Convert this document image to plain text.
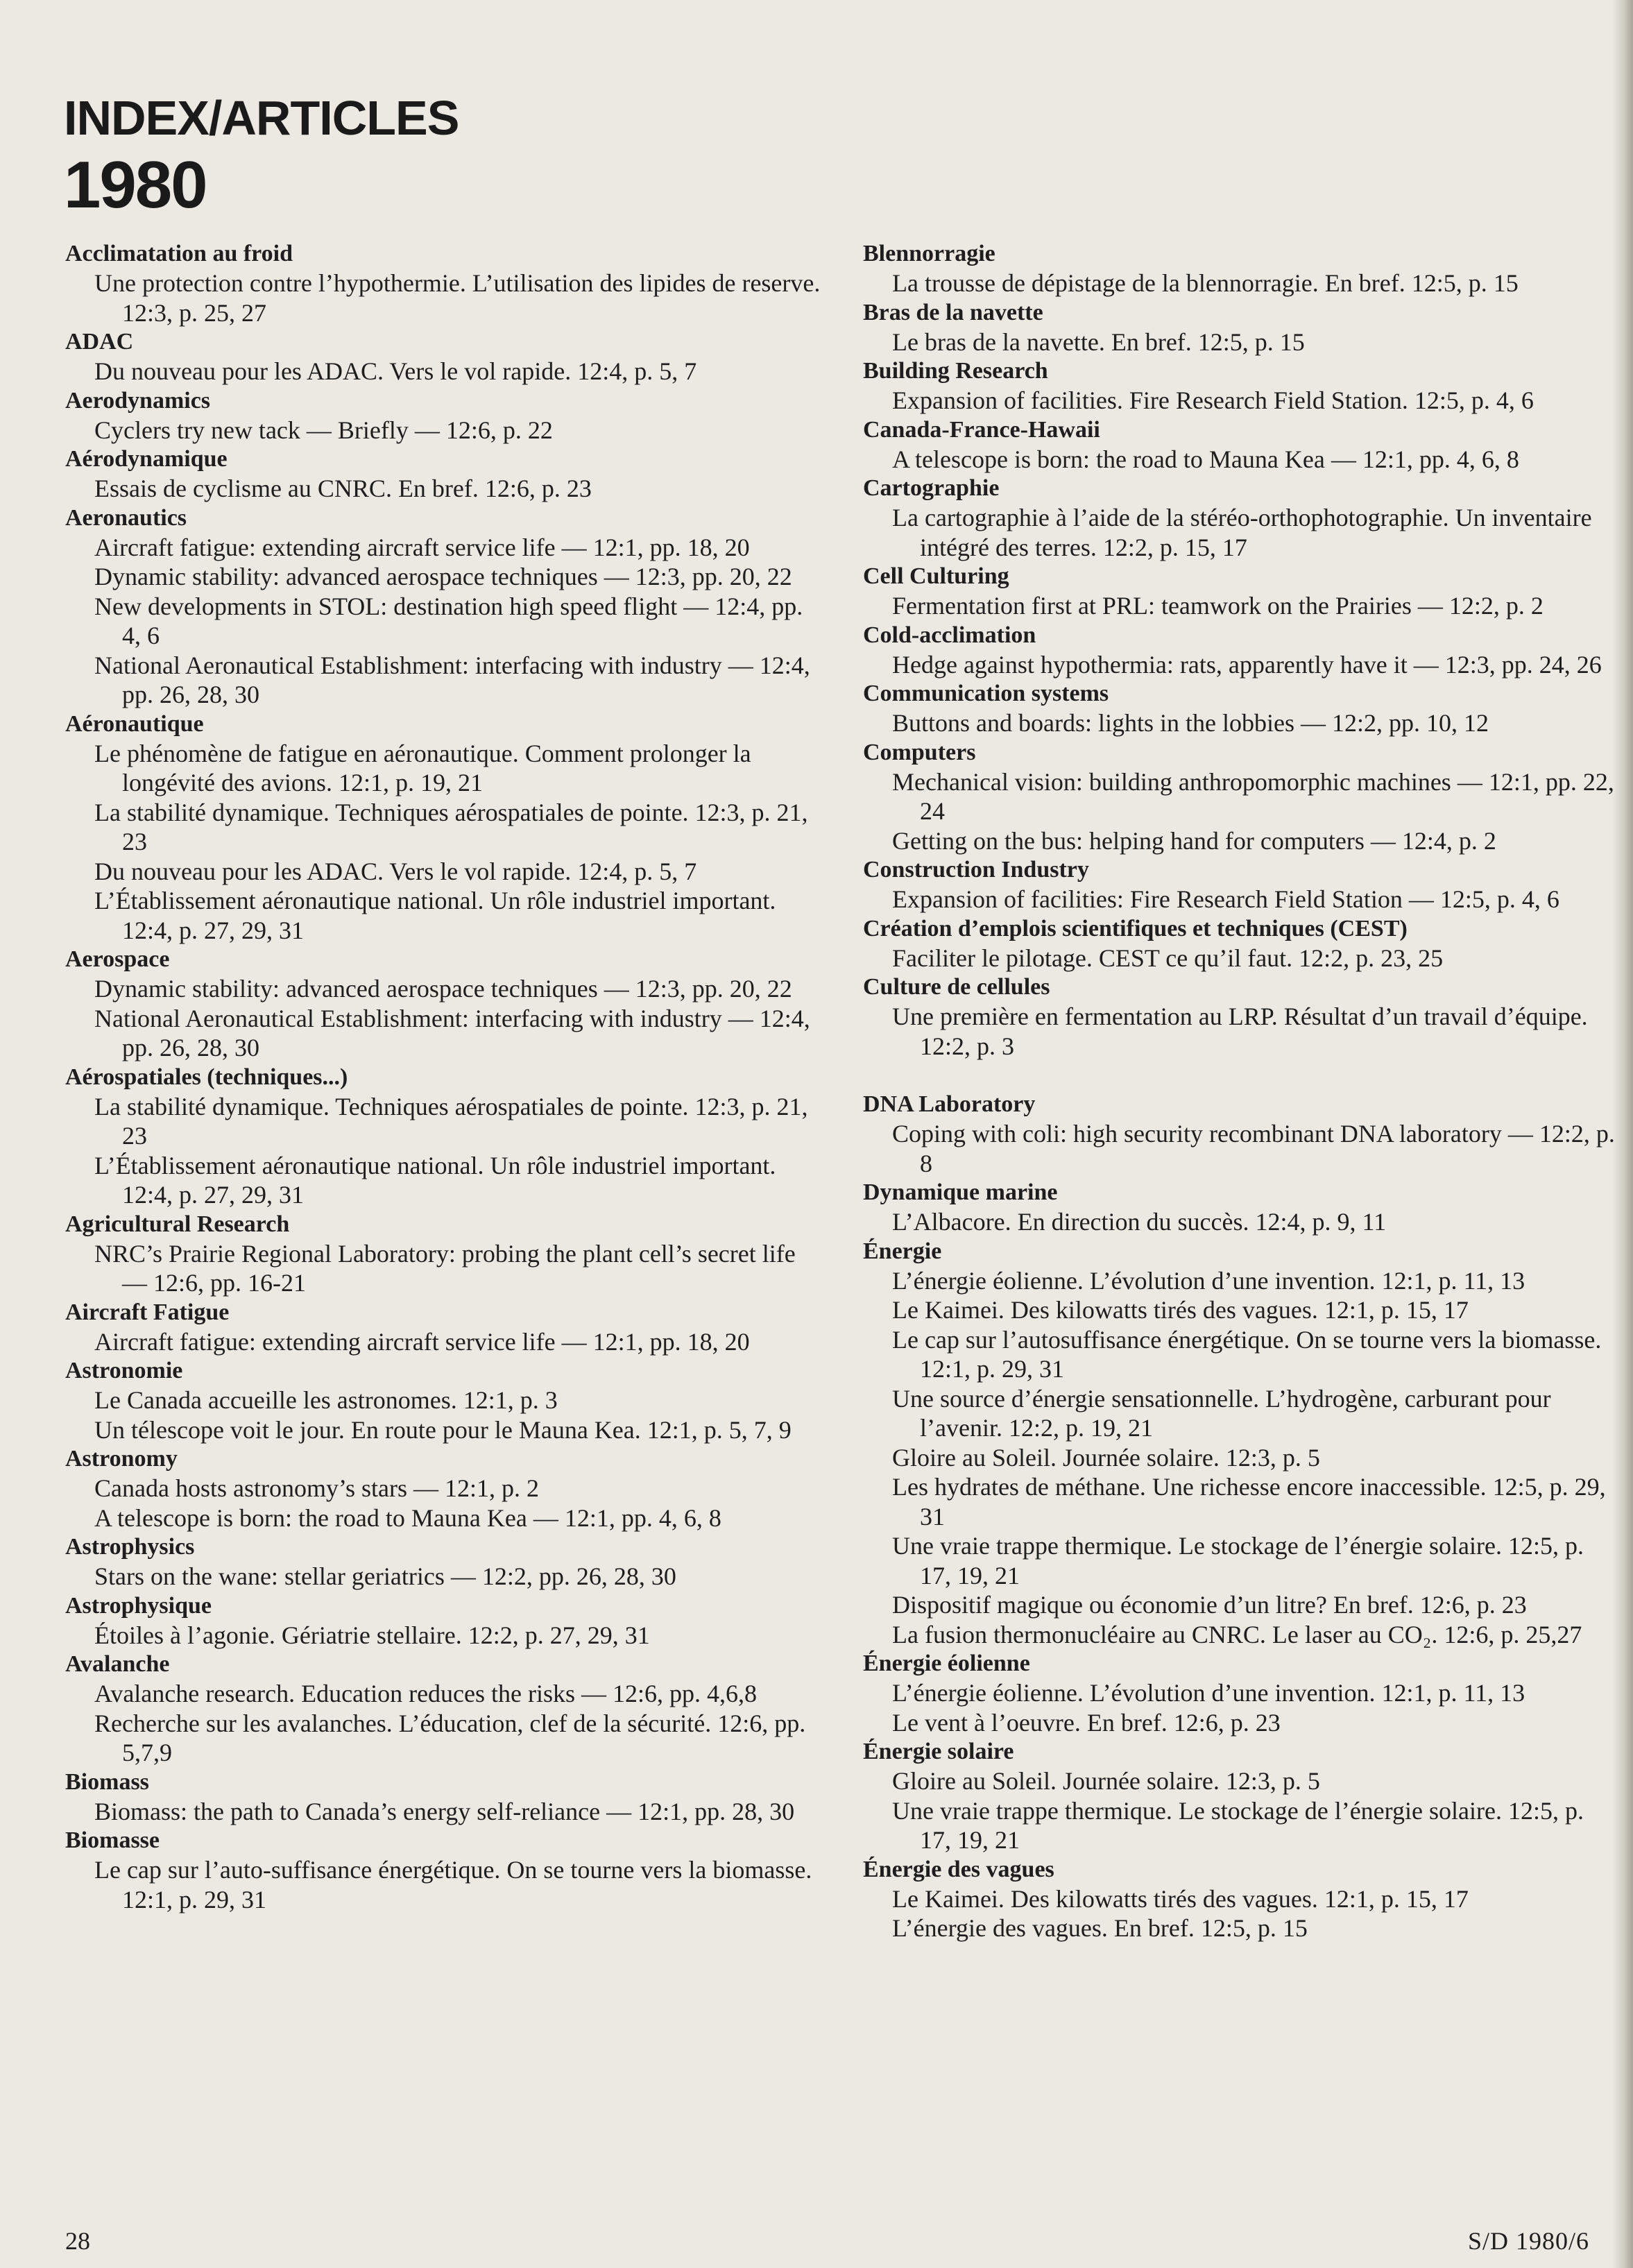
INDEX/ARTICLES
1980
Acclimatation au froid
Une protection contre l’hypothermie. L’utilisation des lipides de reserve. 12:3, p. 25, 27
ADAC
Du nouveau pour les ADAC. Vers le vol rapide. 12:4, p. 5, 7
Aerodynamics
Cyclers try new tack — Briefly — 12:6, p. 22
Aérodynamique
Essais de cyclisme au CNRC. En bref. 12:6, p. 23
Aeronautics
Aircraft fatigue: extending aircraft service life — 12:1, pp. 18, 20
Dynamic stability: advanced aerospace techniques — 12:3, pp. 20, 22
New developments in STOL: destination high speed flight — 12:4, pp. 4, 6
National Aeronautical Establishment: interfacing with industry — 12:4, pp. 26, 28, 30
Aéronautique
Le phénomène de fatigue en aéronautique. Comment prolonger la longévité des avions. 12:1, p. 19, 21
La stabilité dynamique. Techniques aérospatiales de pointe. 12:3, p. 21, 23
Du nouveau pour les ADAC. Vers le vol rapide. 12:4, p. 5, 7
L’Établissement aéronautique national. Un rôle industriel important. 12:4, p. 27, 29, 31
Aerospace
Dynamic stability: advanced aerospace techniques — 12:3, pp. 20, 22
National Aeronautical Establishment: interfacing with industry — 12:4, pp. 26, 28, 30
Aérospatiales (techniques...)
La stabilité dynamique. Techniques aérospatiales de pointe. 12:3, p. 21, 23
L’Établissement aéronautique national. Un rôle industriel important. 12:4, p. 27, 29, 31
Agricultural Research
NRC’s Prairie Regional Laboratory: probing the plant cell’s secret life — 12:6, pp. 16-21
Aircraft Fatigue
Aircraft fatigue: extending aircraft service life — 12:1, pp. 18, 20
Astronomie
Le Canada accueille les astronomes. 12:1, p. 3
Un télescope voit le jour. En route pour le Mauna Kea. 12:1, p. 5, 7, 9
Astronomy
Canada hosts astronomy’s stars — 12:1, p. 2
A telescope is born: the road to Mauna Kea — 12:1, pp. 4, 6, 8
Astrophysics
Stars on the wane: stellar geriatrics — 12:2, pp. 26, 28, 30
Astrophysique
Étoiles à l’agonie. Gériatrie stellaire. 12:2, p. 27, 29, 31
Avalanche
Avalanche research. Education reduces the risks — 12:6, pp. 4,6,8
Recherche sur les avalanches. L’éducation, clef de la sécurité. 12:6, pp. 5,7,9
Biomass
Biomass: the path to Canada’s energy self-reliance — 12:1, pp. 28, 30
Biomasse
Le cap sur l’auto-suffisance énergétique. On se tourne vers la biomasse. 12:1, p. 29, 31
Blennorragie
La trousse de dépistage de la blennorragie. En bref. 12:5, p. 15
Bras de la navette
Le bras de la navette. En bref. 12:5, p. 15
Building Research
Expansion of facilities. Fire Research Field Station. 12:5, p. 4, 6
Canada-France-Hawaii
A telescope is born: the road to Mauna Kea — 12:1, pp. 4, 6, 8
Cartographie
La cartographie à l’aide de la stéréo-orthophotographie. Un inventaire intégré des terres. 12:2, p. 15, 17
Cell Culturing
Fermentation first at PRL: teamwork on the Prairies — 12:2, p. 2
Cold-acclimation
Hedge against hypothermia: rats, apparently have it — 12:3, pp. 24, 26
Communication systems
Buttons and boards: lights in the lobbies — 12:2, pp. 10, 12
Computers
Mechanical vision: building anthropomorphic machines — 12:1, pp. 22, 24
Getting on the bus: helping hand for computers — 12:4, p. 2
Construction Industry
Expansion of facilities: Fire Research Field Station — 12:5, p. 4, 6
Création d’emplois scientifiques et techniques (CEST)
Faciliter le pilotage. CEST ce qu’il faut. 12:2, p. 23, 25
Culture de cellules
Une première en fermentation au LRP. Résultat d’un travail d’équipe. 12:2, p. 3
DNA Laboratory
Coping with coli: high security recombinant DNA laboratory — 12:2, p. 8
Dynamique marine
L’Albacore. En direction du succès. 12:4, p. 9, 11
Énergie
L’énergie éolienne. L’évolution d’une invention. 12:1, p. 11, 13
Le Kaimei. Des kilowatts tirés des vagues. 12:1, p. 15, 17
Le cap sur l’autosuffisance énergétique. On se tourne vers la biomasse. 12:1, p. 29, 31
Une source d’énergie sensationnelle. L’hydrogène, carburant pour l’avenir. 12:2, p. 19, 21
Gloire au Soleil. Journée solaire. 12:3, p. 5
Les hydrates de méthane. Une richesse encore inaccessible. 12:5, p. 29, 31
Une vraie trappe thermique. Le stockage de l’énergie solaire. 12:5, p. 17, 19, 21
Dispositif magique ou économie d’un litre? En bref. 12:6, p. 23
La fusion thermonucléaire au CNRC. Le laser au CO₂. 12:6, p. 25,27
Énergie éolienne
L’énergie éolienne. L’évolution d’une invention. 12:1, p. 11, 13
Le vent à l’oeuvre. En bref. 12:6, p. 23
Énergie solaire
Gloire au Soleil. Journée solaire. 12:3, p. 5
Une vraie trappe thermique. Le stockage de l’énergie solaire. 12:5, p. 17, 19, 21
Énergie des vagues
Le Kaimei. Des kilowatts tirés des vagues. 12:1, p. 15, 17
L’énergie des vagues. En bref. 12:5, p. 15
28	S/D 1980/6
